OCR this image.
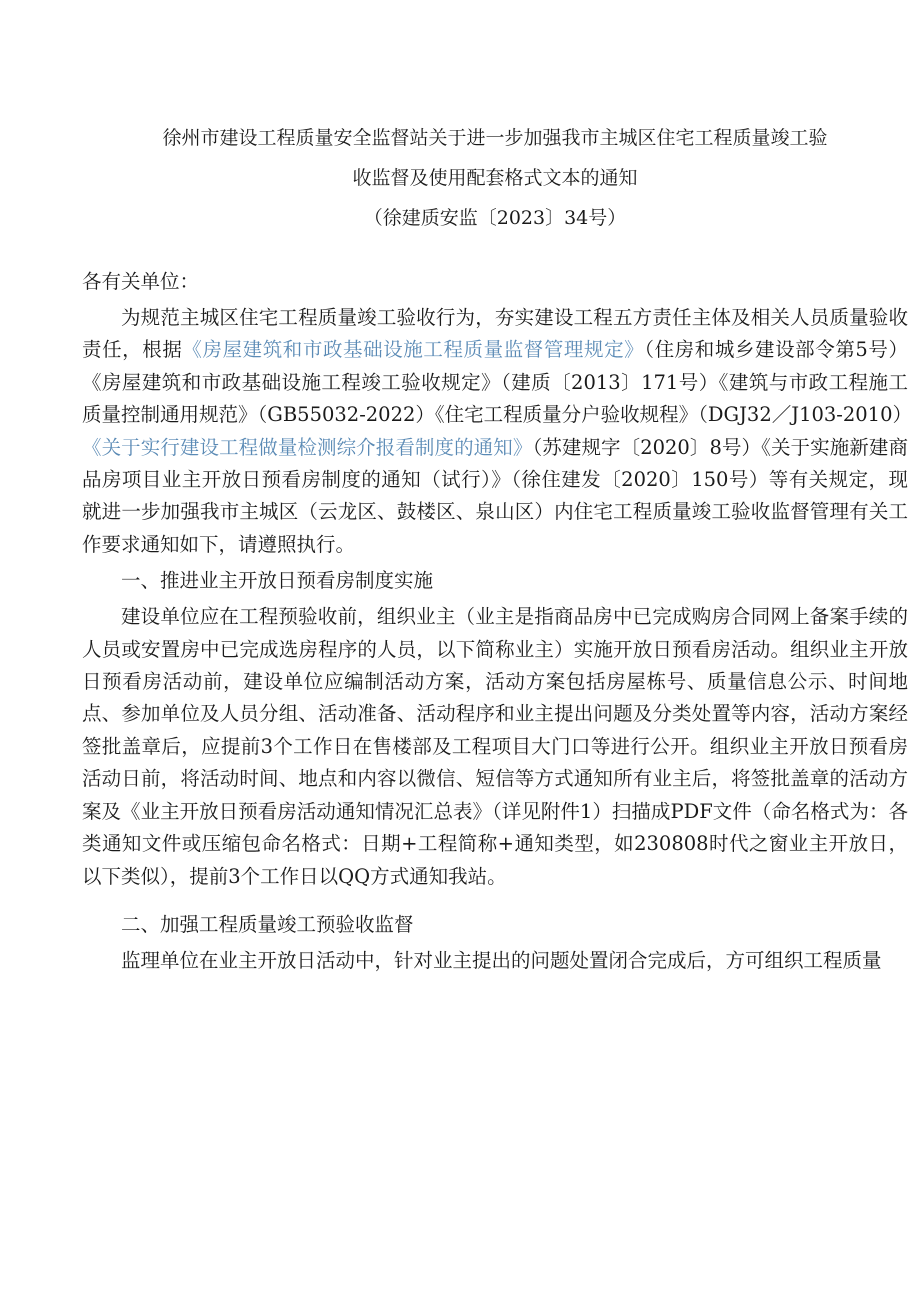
徐州市建设工程质量安全监督站关于进一步加强我市主城区住宅工程质量竣工验

收监督及使用配套格式文本的通知

（徐建质安监〔2023〕34号）

各有关单位：

为规范主城区住宅工程质量竣工验收行为，夯实建设工程五方责任主体及相关人员质量验收责任，根据《房屋建筑和市政基础设施工程质量监督管理规定》（住房和城乡建设部令第5号）《房屋建筑和市政基础设施工程竣工验收规定》（建质〔2013〕171号）《建筑与市政工程施工质量控制通用规范》（GB55032-2022）《住宅工程质量分户验收规程》（DGJ32／J103-2010）《关于实行建设工程做量检测综介报看制度的通知》（苏建规字〔2020〕8号）《关于实施新建商品房项目业主开放日预看房制度的通知（试行）》（徐住建发〔2020〕150号）等有关规定，现就进一步加强我市主城区（云龙区、鼓楼区、泉山区）内住宅工程质量竣工验收监督管理有关工作要求通知如下，请遵照执行。

一、推进业主开放日预看房制度实施

建设单位应在工程预验收前，组织业主（业主是指商品房中已完成购房合同网上备案手续的人员或安置房中已完成选房程序的人员，以下简称业主）实施开放日预看房活动。组织业主开放日预看房活动前，建设单位应编制活动方案，活动方案包括房屋栋号、质量信息公示、时间地点、参加单位及人员分组、活动准备、活动程序和业主提出问题及分类处置等内容，活动方案经签批盖章后，应提前3个工作日在售楼部及工程项目大门口等进行公开。组织业主开放日预看房活动日前，将活动时间、地点和内容以微信、短信等方式通知所有业主后，将签批盖章的活动方案及《业主开放日预看房活动通知情况汇总表》（详见附件1）扫描成PDF文件（命名格式为：各类通知文件或压缩包命名格式：日期+工程简称+通知类型，如230808时代之窗业主开放日，以下类似），提前3个工作日以QQ方式通知我站。

二、加强工程质量竣工预验收监督

监理单位在业主开放日活动中，针对业主提出的问题处置闭合完成后，方可组织工程质量
